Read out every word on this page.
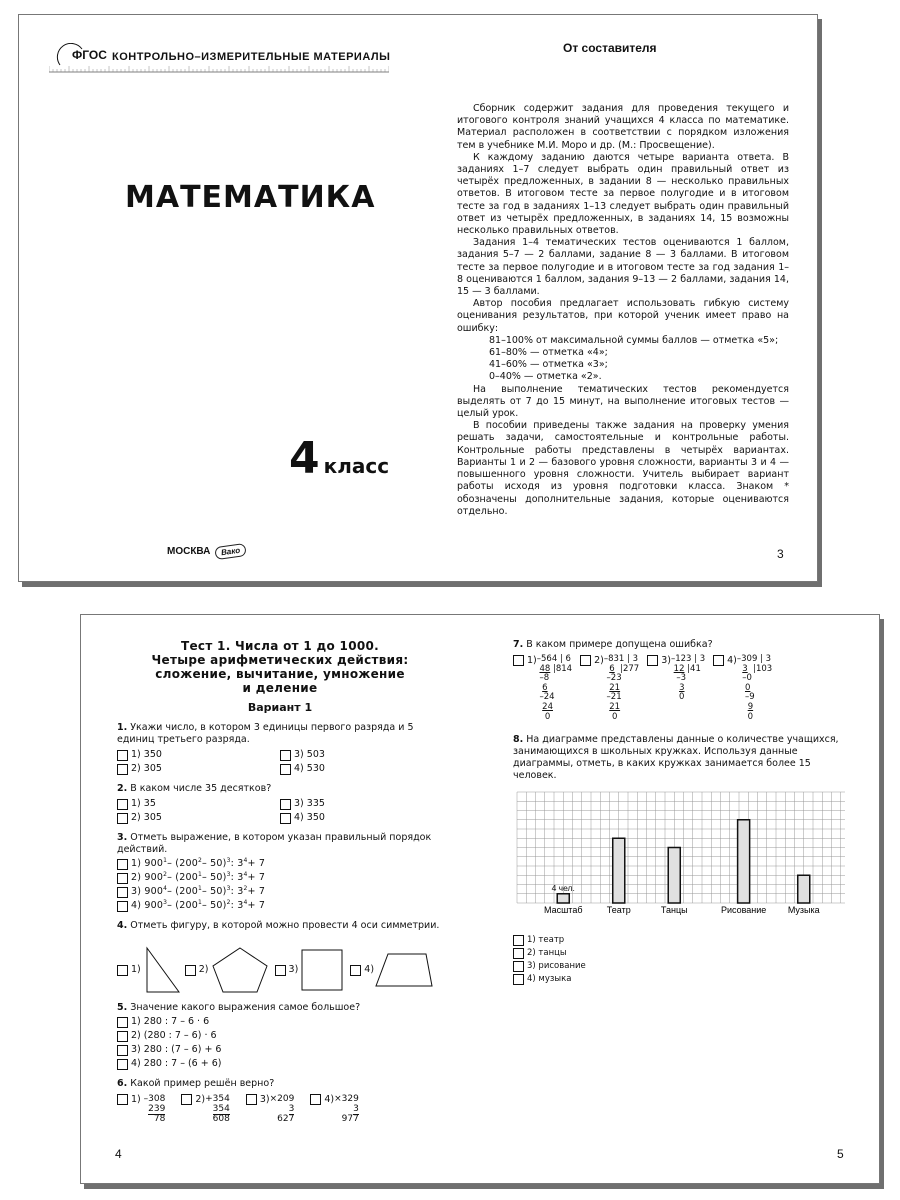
ФГОС КОНТРОЛЬНО–ИЗМЕРИТЕЛЬНЫЕ МАТЕРИАЛЫ
МАТЕМАТИКА
4 класс
МОСКВА Вако
От составителя

Сборник содержит задания для проведения текущего и итогового контроля знаний учащихся 4 класса по математике. Материал расположен в соответствии с порядком изложения тем в учебнике М.И. Моро и др. (М.: Просвещение).

К каждому заданию даются четыре варианта ответа. В заданиях 1–7 следует выбрать один правильный ответ из четырёх предложенных, в задании 8 — несколько правильных ответов. В итоговом тесте за первое полугодие и в итоговом тесте за год в заданиях 1–13 следует выбрать один правильный ответ из четырёх предложенных, в заданиях 14, 15 возможны несколько правильных ответов.

Задания 1–4 тематических тестов оцениваются 1 баллом, задания 5–7 — 2 баллами, задание 8 — 3 баллами. В итоговом тесте за первое полугодие и в итоговом тесте за год задания 1–8 оцениваются 1 баллом, задания 9–13 — 2 баллами, задания 14, 15 — 3 баллами.

Автор пособия предлагает использовать гибкую систему оценивания результатов, при которой ученик имеет право на ошибку:

81–100% от максимальной суммы баллов — отметка «5»;

61–80% — отметка «4»;

41–60% — отметка «3»;

0–40% — отметка «2».

На выполнение тематических тестов рекомендуется выделять от 7 до 15 минут, на выполнение итоговых тестов — целый урок.

В пособии приведены также задания на проверку умения решать задачи, самостоятельные и контрольные работы. Контрольные работы представлены в четырёх вариантах. Варианты 1 и 2 — базового уровня сложности, варианты 3 и 4 — повышенного уровня сложности. Учитель выбирает вариант работы исходя из уровня подготовки класса. Знаком * обозначены дополнительные задания, которые оцениваются отдельно.

3
Тест 1. Числа от 1 до 1000.
Четыре арифметических действия:
сложение, вычитание, умножение
и деление
Вариант 1
1. Укажи число, в котором 3 единицы первого разряда и 5 единиц третьего разряда.
1) 350	3) 503
2) 305	4) 530
2. В каком числе 35 десятков?
1) 35	3) 335
2) 305	4) 350
3. Отметь выражение, в котором указан правильный порядок действий.
1) 900 $^1$ – (200 $^2$ – 50) $^3$ : 3 $^4$ + 7
2) 900 $^2$ – (200 $^1$ – 50) $^3$ : 3 $^4$ + 7
3) 900 $^4$ – (200 $^1$ – 50) $^3$ : 3 $^2$ + 7
4) 900 $^3$ – (200 $^1$ – 50) $^2$ : 3 $^4$ + 7
4. Отметь фигуру, в которой можно провести 4 оси симметрии.
1)	2)	3)	4)
5. Значение какого выражения самое большое?
1) 280 : 7 – 6 · 6
2) (280 : 7 – 6) · 6
3) 280 : (7 – 6) + 6
4) 280 : 7 – (6 + 6)
6. Какой пример решён верно?
1) –308
239
78
2) +354
354
608
3) ×209
3
627
4) ×329
3
977
7. В каком примере допущена ошибка?
1) –564 | 6
48 |814
–8
6
–24
24
0
2) –831 | 3
6  |277
–23
21
–21
21
0
3) –123 | 3
12 |41
–3
3
0
4) –309 | 3
3  |103
–0
0
–9
9
0
8. На диаграмме представлены данные о количестве учащихся, занимающихся в школьных кружках. Используя данные диаграммы, отметь, в каких кружках занимается более 15 человек.
Масштаб	Театр	Танцы	Рисование Музыка
4 чел.
1) театр
2) танцы
3) рисование
4) музыка
4	5
